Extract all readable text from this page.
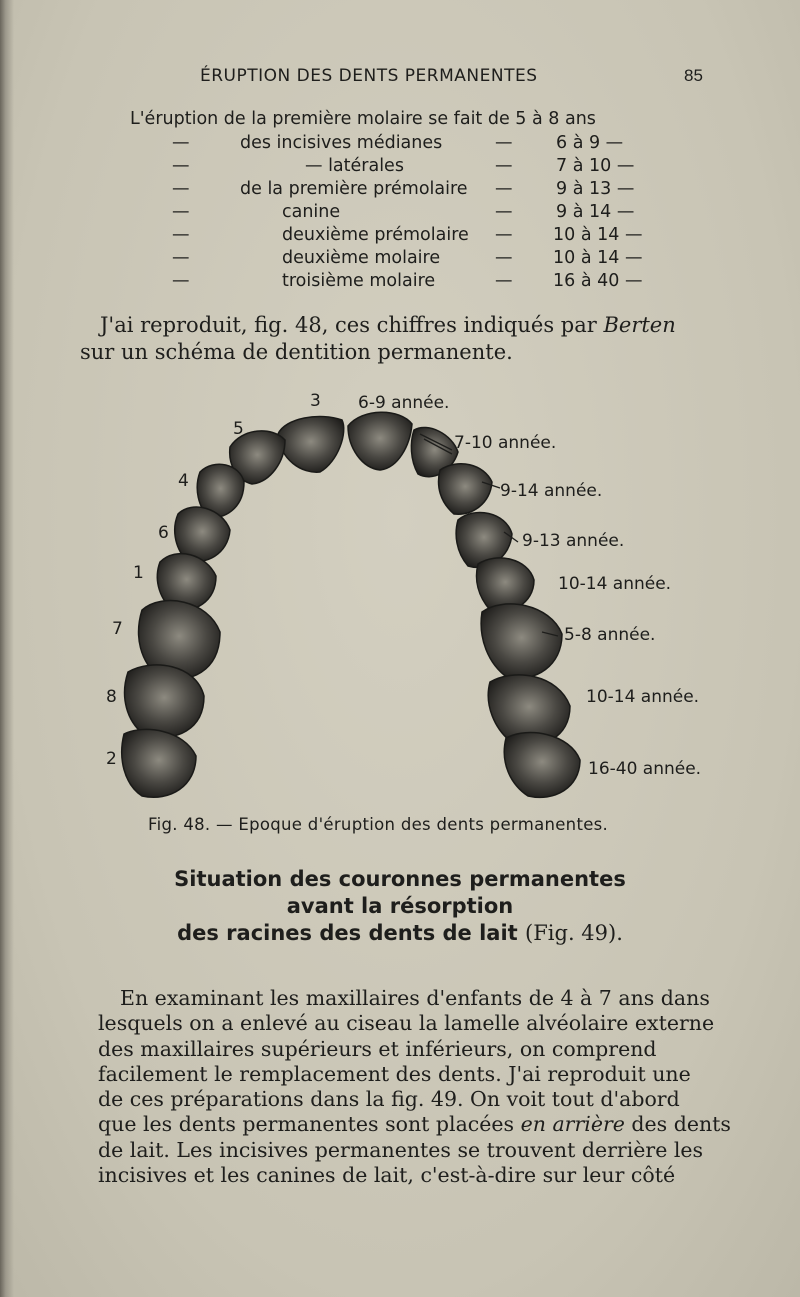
ÉRUPTION DES DENTS PERMANENTES	85
L'éruption de la première molaire se fait de 5 à 8 ans
—	des incisives médianes	— 6 à 9 —
—	— latérales	— 7 à 10 —
—	de la première prémolaire — 9 à 13 —
—	canine	— 9 à 14 —
—	deuxième prémolaire — 10 à 14 —
—	deuxième molaire	— 10 à 14 —
—	troisième molaire	— 16 à 40 —
J'ai reproduit, fig. 48, ces chiffres indiqués par Berten
sur un schéma de dentition permanente.
3
5
4
6
1
7
8
2
6-9 année.
7-10 année.
9-14 année.
9-13 année.
10-14 année.
5-8 année.
10-14 année.
16-40 année.
Fig. 48. — Epoque d'éruption des dents permanentes.
Situation des couronnes permanentes
avant la résorption
des racines des dents de lait (Fig. 49).
En examinant les maxillaires d'enfants de 4 à 7 ans dans
lesquels on a enlevé au ciseau la lamelle alvéolaire externe
des maxillaires supérieurs et inférieurs, on comprend
facilement le remplacement des dents. J'ai reproduit une
de ces préparations dans la fig. 49. On voit tout d'abord
que les dents permanentes sont placées en arrière des dents
de lait. Les incisives permanentes se trouvent derrière les
incisives et les canines de lait, c'est-à-dire sur leur côté
